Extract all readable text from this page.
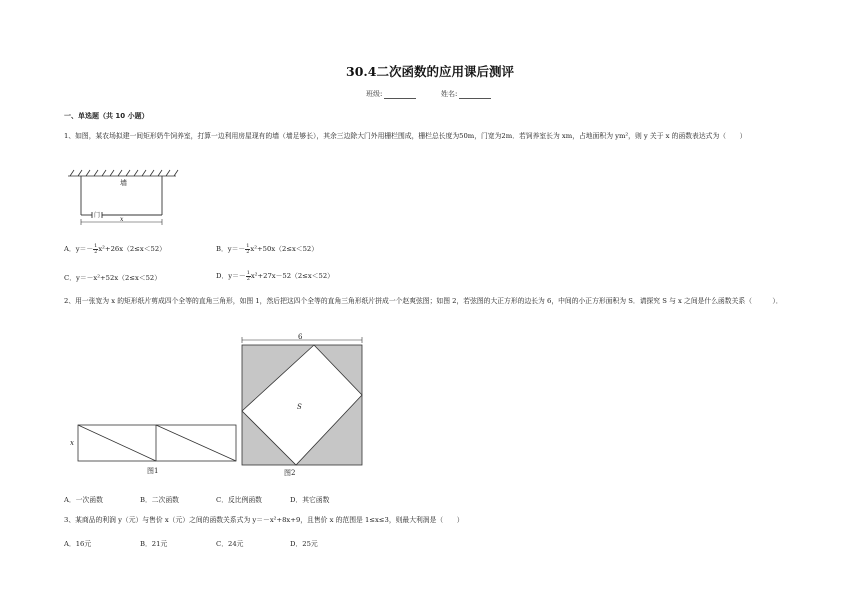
30.4二次函数的应用课后测评
班级:	姓名:
一、单选题（共 10 小题）
1、如图，某农场拟建一间矩形奶牛饲养室，打算一边利用房屋现有的墙（墙足够长），其余三边除大门外用栅栏围成，栅栏总长度为50m，门宽为2m．若饲养室长为 xm，占地面积为 ym²，则 y 关于 x 的函数表达式为（　　）
墙
门
x
A．$y=- \frac{1}{2} x^2+26x(2\le x<52)$	B．$y=- \frac{1}{2} x^2+50x(2\le x<52)$
C．y＝－x²+52x（2≤x＜52）	D．$y=- \frac{1}{2} x^2+27x-52(2\le x<52)$
2、用一张宽为 x 的矩形纸片剪成四个全等的直角三角形，如图 1，然后把这四个全等的直角三角形纸片拼成一个赵爽弦图；如图 2，若弦图的大正方形的边长为 6，中间的小正方形面积为 S．请探究 S 与 x 之间是什么函数关系（　　　）．
x
图1
6
S
图2
A．一次函数	B．二次函数	C．反比例函数	D．其它函数
3、某商品的利润 y（元）与售价 x（元）之间的函数关系式为 y＝－x²+8x+9，且售价 x 的范围是 1≤x≤3，则最大利润是（　　）
A．16元	B．21元	C．24元	D．25元
